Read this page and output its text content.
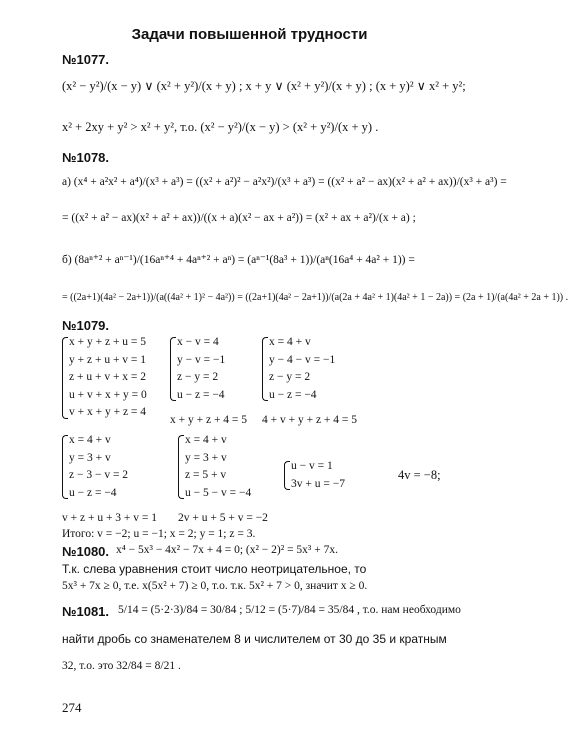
Задачи повышенной трудности
№1077.
(x² − y²)/(x − y) ∨ (x² + y²)/(x + y) ; x + y ∨ (x² + y²)/(x + y) ; (x + y)² ∨ x² + y²;
x² + 2xy + y² > x² + y², т.о. (x² − y²)/(x − y) > (x² + y²)/(x + y) .
№1078.
а) (x⁴ + a²x² + a⁴)/(x³ + a³) = ((x² + a²)² − a²x²)/(x³ + a³) = ((x² + a² − ax)(x² + a² + ax))/(x³ + a³) =
= ((x² + a² − ax)(x² + a² + ax))/((x + a)(x² − ax + a²)) = (x² + ax + a²)/(x + a) ;
б) (8aⁿ⁺² + aⁿ⁻¹)/(16aⁿ⁺⁴ + 4aⁿ⁺² + aⁿ) = (aⁿ⁻¹(8a³ + 1))/(aⁿ(16a⁴ + 4a² + 1)) =
= ((2a+1)(4a² − 2a+1))/(a((4a² + 1)² − 4a²)) = ((2a+1)(4a² − 2a+1))/(a(2a + 4a² + 1)(4a² + 1 − 2a)) = (2a + 1)/(a(4a² + 2a + 1)) .
№1079.
x + y + z + u = 5
y + z + u + v = 1
z + u + v + x = 2
u + v + x + y = 0
v + x + y + z = 4
x − v = 4
y − v = −1
z − y = 2
u − z = −4
x + y + z + 4 = 5
x = 4 + v
y − 4 − v = −1
z − y = 2
u − z = −4
4 + v + y + z + 4 = 5
x = 4 + v
y = 3 + v
z − 3 − v = 2
u − z = −4
v + z + u + 3 + v = 1
x = 4 + v
y = 3 + v
z = 5 + v
u − 5 − v = −4
2v + u + 5 + v = −2
u − v = 1
3v + u = −7
4v = −8;
Итого: v = −2; u = −1; x = 2; y = 1; z = 3.
№1080. x⁴ − 5x³ − 4x² − 7x + 4 = 0; (x² − 2)² = 5x³ + 7x.
Т.к. слева уравнения стоит число неотрицательное, то
5x³ + 7x ≥ 0, т.е. x(5x² + 7) ≥ 0, т.о. т.к. 5x² + 7 > 0, значит x ≥ 0.
№1081. 5/14 = (5·2·3)/84 = 30/84 ; 5/12 = (5·7)/84 = 35/84 , т.о. нам необходимо
найти дробь со знаменателем 8 и числителем от 30 до 35 и кратным
32, т.о. это 32/84 = 8/21 .
274
